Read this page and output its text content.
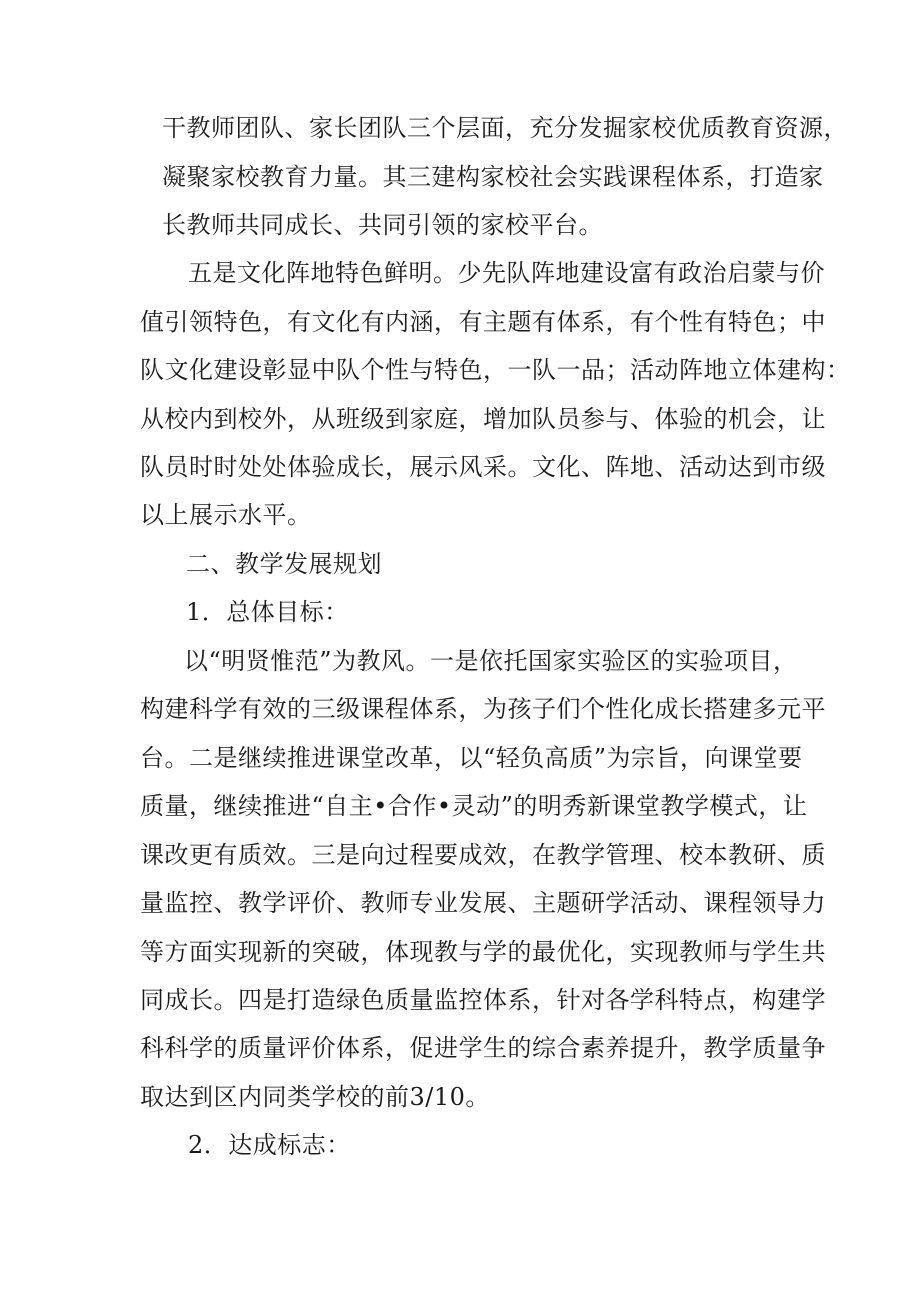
干教师团队、家长团队三个层面，充分发掘家校优质教育资源，
凝聚家校教育力量。其三建构家校社会实践课程体系，打造家
长教师共同成长、共同引领的家校平台。
五是文化阵地特色鲜明。少先队阵地建设富有政治启蒙与价
值引领特色，有文化有内涵，有主题有体系，有个性有特色；中
队文化建设彰显中队个性与特色，一队一品；活动阵地立体建构：
从校内到校外，从班级到家庭，增加队员参与、体验的机会，让
队员时时处处体验成长，展示风采。文化、阵地、活动达到市级
以上展示水平。
二、教学发展规划
1．总体目标：
以“明贤惟范”为教风。一是依托国家实验区的实验项目，
构建科学有效的三级课程体系，为孩子们个性化成长搭建多元平
台。二是继续推进课堂改革，以“轻负高质”为宗旨，向课堂要
质量，继续推进“自主•合作•灵动”的明秀新课堂教学模式，让
课改更有质效。三是向过程要成效，在教学管理、校本教研、质
量监控、教学评价、教师专业发展、主题研学活动、课程领导力
等方面实现新的突破，体现教与学的最优化，实现教师与学生共
同成长。四是打造绿色质量监控体系，针对各学科特点，构建学
科科学的质量评价体系，促进学生的综合素养提升，教学质量争
取达到区内同类学校的前3/10。
2．达成标志：
